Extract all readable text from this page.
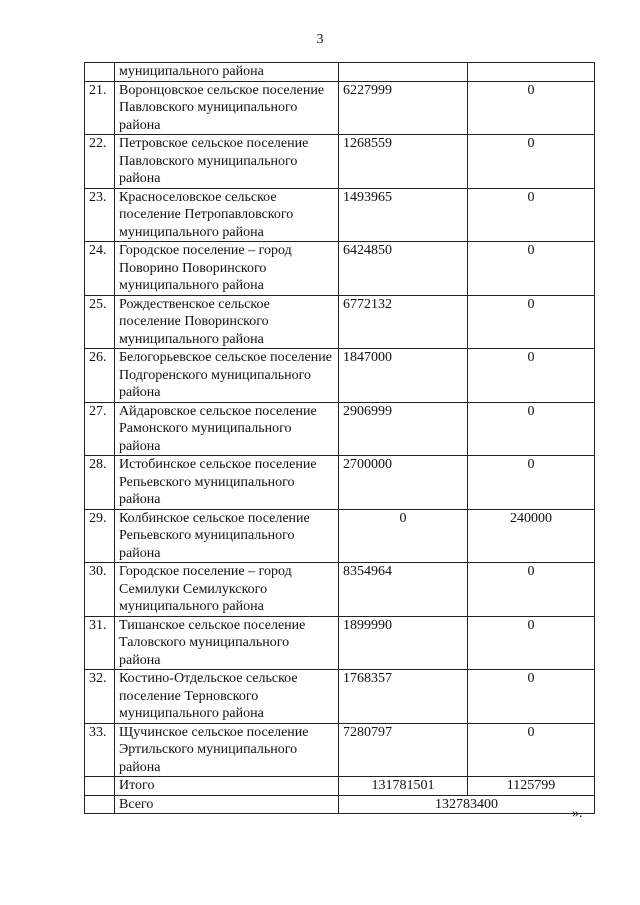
3
	муниципального района		
21.	Воронцовское сельское поселение Павловского муниципального района	6227999	0
22.	Петровское сельское поселение Павловского муниципального района	1268559	0
23.	Красноселовское сельское поселение Петропавловского муниципального района	1493965	0
24.	Городское поселение – город Поворино Поворинского муниципального района	6424850	0
25.	Рождественское сельское поселение Поворинского муниципального района	6772132	0
26.	Белогорьевское сельское поселение Подгоренского муниципального района	1847000	0
27.	Айдаровское сельское поселение Рамонского муниципального района	2906999	0
28.	Истобинское сельское поселение Репьевского муниципального района	2700000	0
29.	Колбинское сельское поселение Репьевского муниципального района	0	240000
30.	Городское поселение – город Семилуки Семилукского муниципального района	8354964	0
31.	Тишанское сельское поселение Таловского муниципального района	1899990	0
32.	Костино-Отдельское сельское поселение Терновского муниципального района	1768357	0
33.	Щучинское сельское поселение Эртильского муниципального района	7280797	0
	Итого	131781501	1125799
	Всего	132783400	
».
